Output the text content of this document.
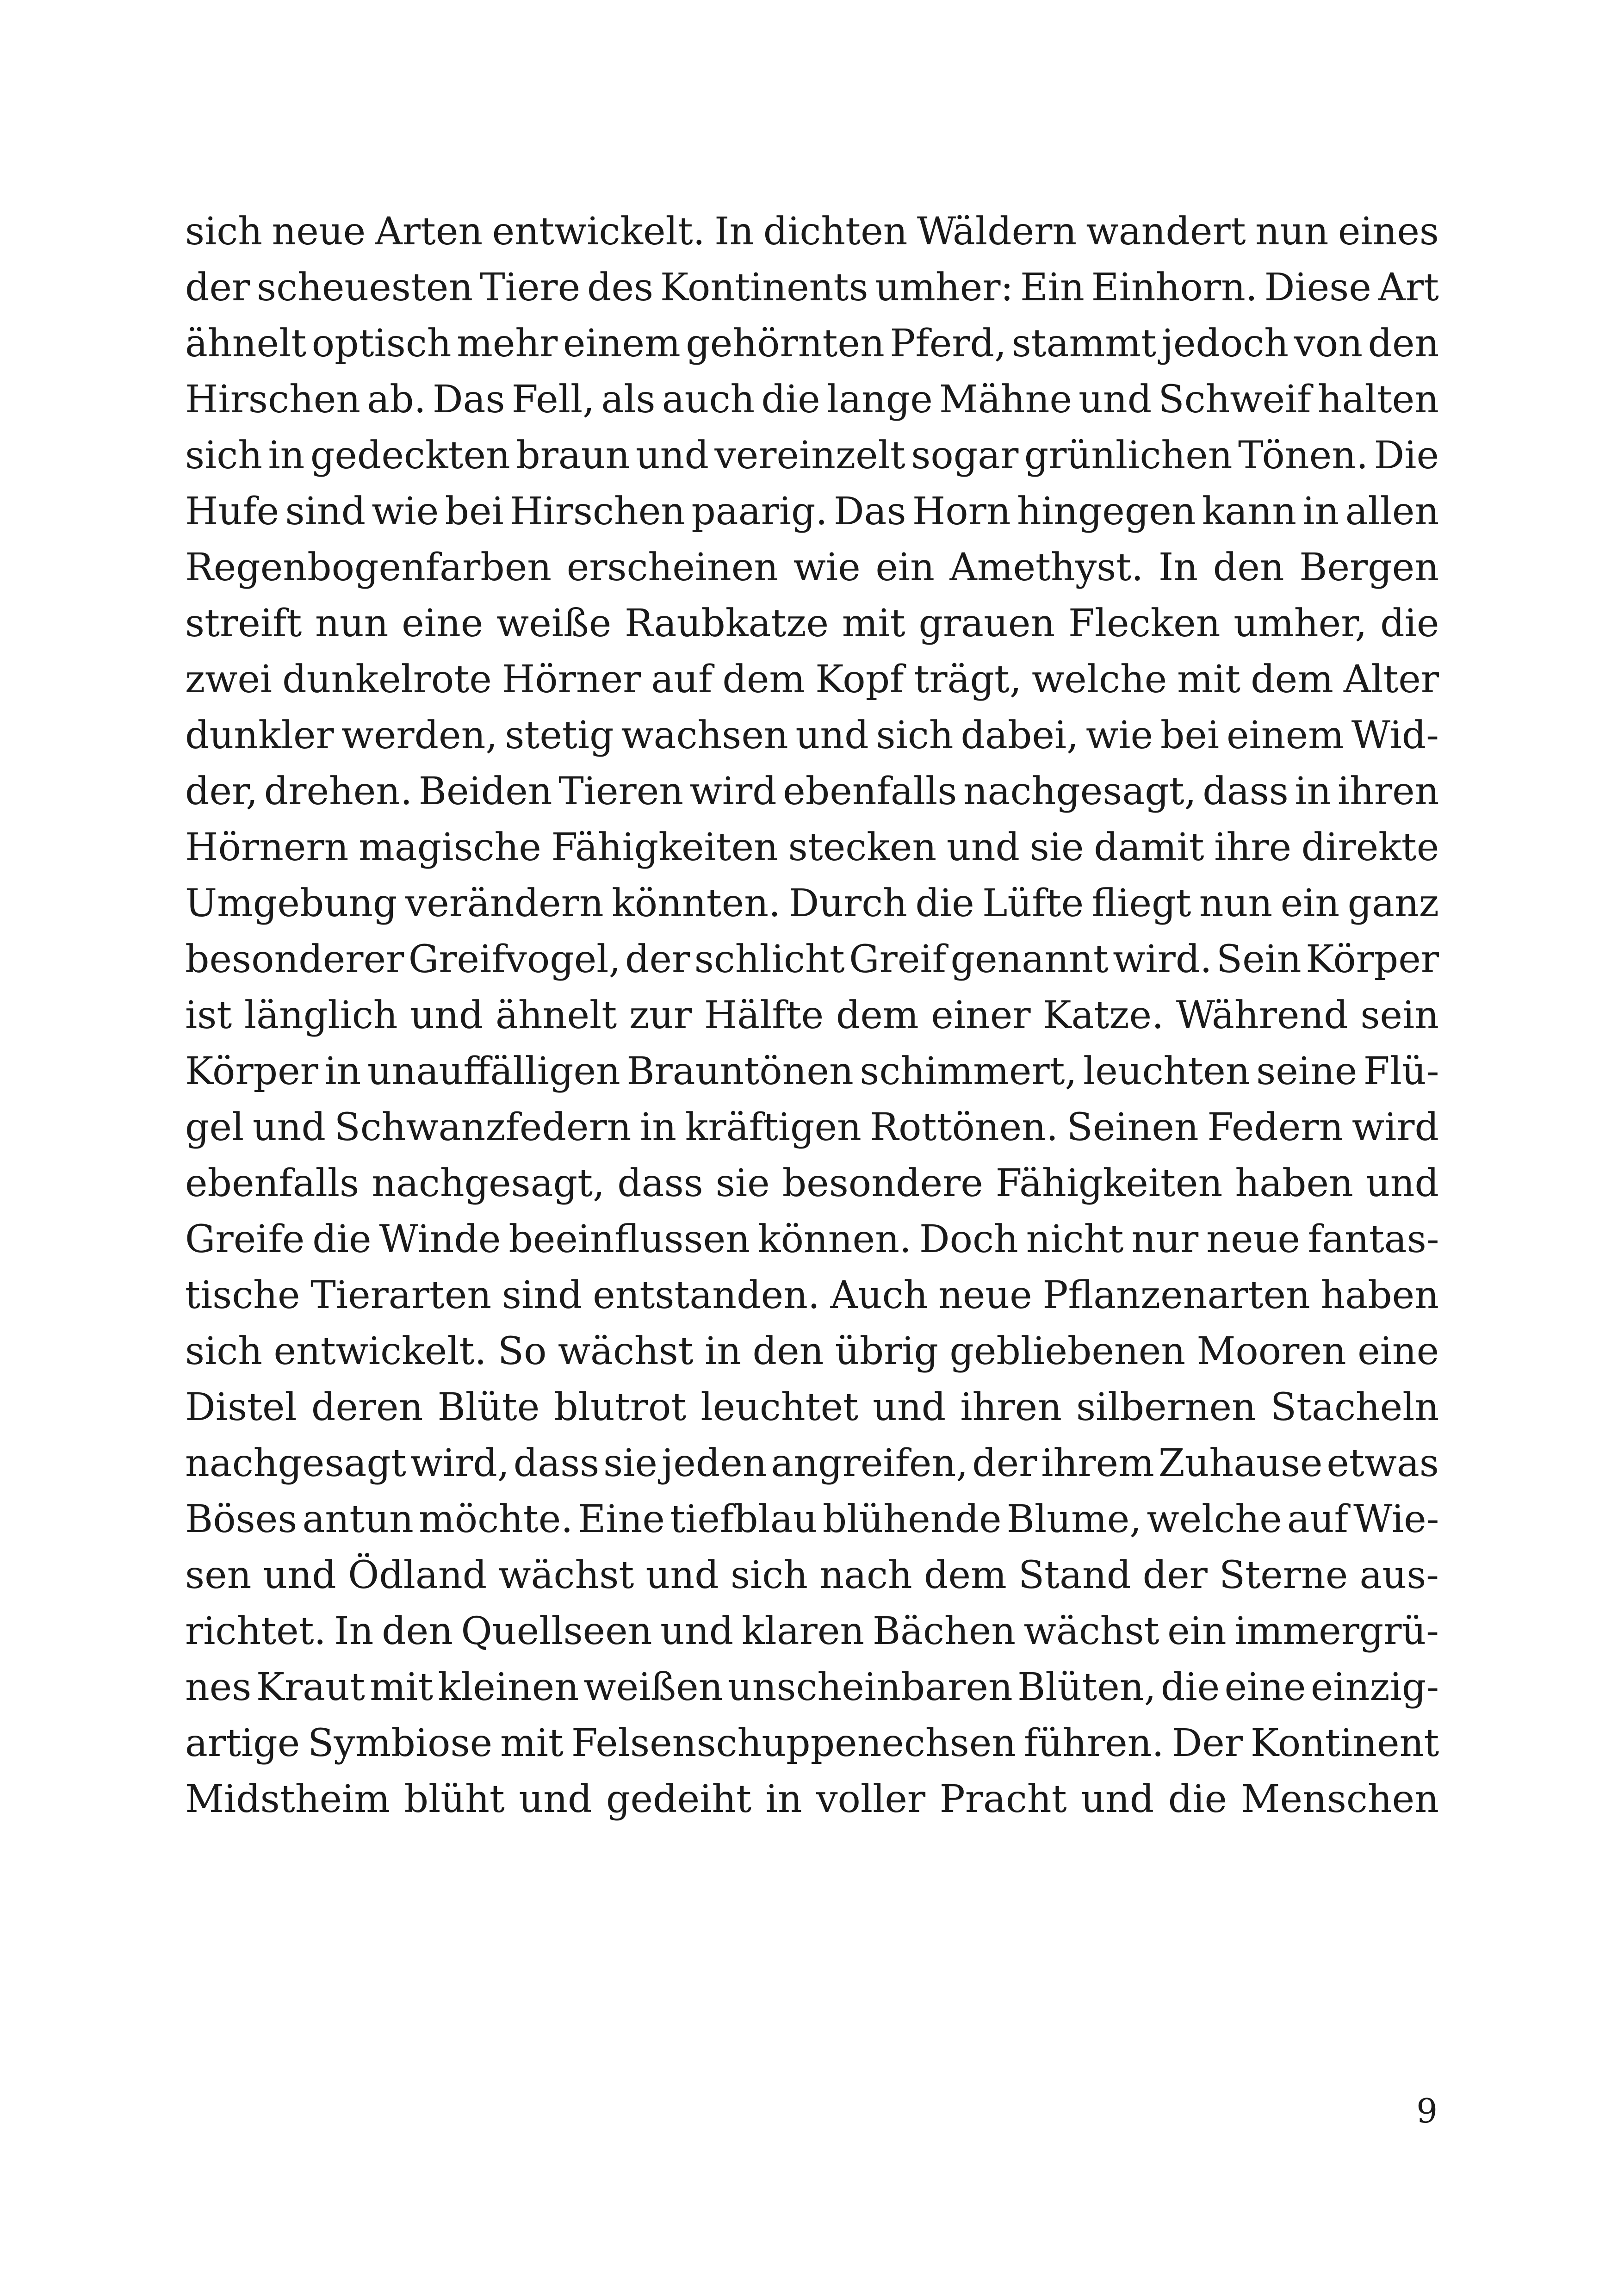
sich neue Arten entwickelt. In dichten Wäldern wandert nun eines
der scheuesten Tiere des Kontinents umher: Ein Einhorn. Diese Art
ähnelt optisch mehr einem gehörnten Pferd, stammt jedoch von den
Hirschen ab. Das Fell, als auch die lange Mähne und Schweif halten
sich in gedeckten braun und vereinzelt sogar grünlichen Tönen. Die
Hufe sind wie bei Hirschen paarig. Das Horn hingegen kann in allen
Regenbogenfarben erscheinen wie ein Amethyst. In den Bergen
streift nun eine weiße Raubkatze mit grauen Flecken umher, die
zwei dunkelrote Hörner auf dem Kopf trägt, welche mit dem Alter
dunkler werden, stetig wachsen und sich dabei, wie bei einem Wid-
der, drehen. Beiden Tieren wird ebenfalls nachgesagt, dass in ihren
Hörnern magische Fähigkeiten stecken und sie damit ihre direkte
Umgebung verändern könnten. Durch die Lüfte fliegt nun ein ganz
besonderer Greifvogel, der schlicht Greif genannt wird. Sein Körper
ist länglich und ähnelt zur Hälfte dem einer Katze. Während sein
Körper in unauffälligen Brauntönen schimmert, leuchten seine Flü-
gel und Schwanzfedern in kräftigen Rottönen. Seinen Federn wird
ebenfalls nachgesagt, dass sie besondere Fähigkeiten haben und
Greife die Winde beeinflussen können. Doch nicht nur neue fantas-
tische Tierarten sind entstanden. Auch neue Pflanzenarten haben
sich entwickelt. So wächst in den übrig gebliebenen Mooren eine
Distel deren Blüte blutrot leuchtet und ihren silbernen Stacheln
nachgesagt wird, dass sie jeden angreifen, der ihrem Zuhause etwas
Böses antun möchte. Eine tiefblau blühende Blume, welche auf Wie-
sen und Ödland wächst und sich nach dem Stand der Sterne aus-
richtet. In den Quellseen und klaren Bächen wächst ein immergrü-
nes Kraut mit kleinen weißen unscheinbaren Blüten, die eine einzig-
artige Symbiose mit Felsenschuppenechsen führen. Der Kontinent
Midstheim blüht und gedeiht in voller Pracht und die Menschen
9
